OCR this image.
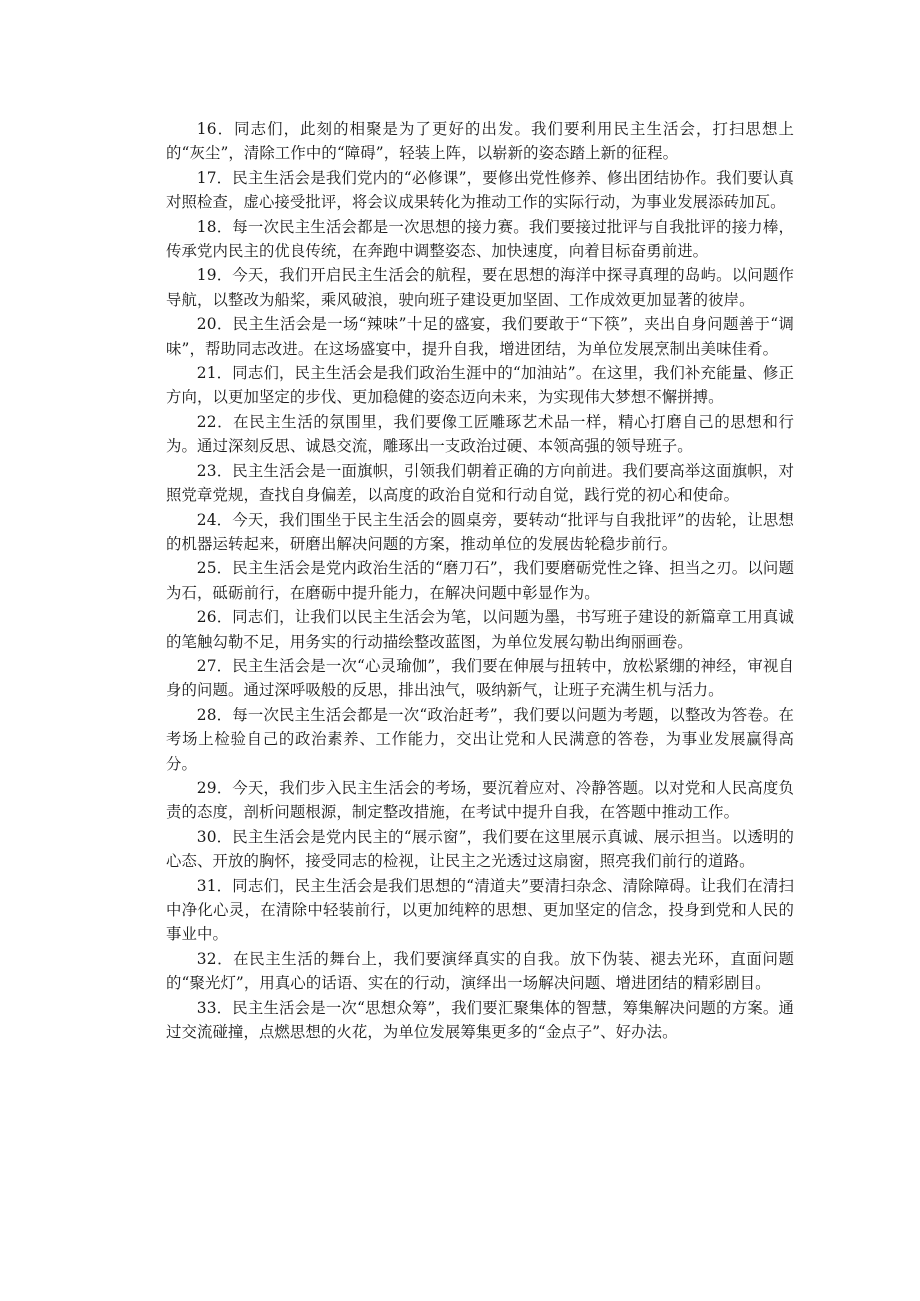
16．同志们，此刻的相聚是为了更好的出发。我们要利用民主生活会，打扫思想上的“灰尘”，清除工作中的“障碍”，轻装上阵，以崭新的姿态踏上新的征程。

17．民主生活会是我们党内的“必修课”，要修出党性修养、修出团结协作。我们要认真对照检查，虚心接受批评，将会议成果转化为推动工作的实际行动，为事业发展添砖加瓦。

18．每一次民主生活会都是一次思想的接力赛。我们要接过批评与自我批评的接力棒，传承党内民主的优良传统，在奔跑中调整姿态、加快速度，向着目标奋勇前进。

19．今天，我们开启民主生活会的航程，要在思想的海洋中探寻真理的岛屿。以问题作导航，以整改为船桨，乘风破浪，驶向班子建设更加坚固、工作成效更加显著的彼岸。

20．民主生活会是一场“辣味”十足的盛宴，我们要敢于“下筷”，夹出自身问题善于“调味”，帮助同志改进。在这场盛宴中，提升自我，增进团结，为单位发展烹制出美味佳肴。

21．同志们，民主生活会是我们政治生涯中的“加油站”。在这里，我们补充能量、修正方向，以更加坚定的步伐、更加稳健的姿态迈向未来，为实现伟大梦想不懈拼搏。

22．在民主生活的氛围里，我们要像工匠雕琢艺术品一样，精心打磨自己的思想和行为。通过深刻反思、诚恳交流，雕琢出一支政治过硬、本领高强的领导班子。

23．民主生活会是一面旗帜，引领我们朝着正确的方向前进。我们要高举这面旗帜，对照党章党规，查找自身偏差，以高度的政治自觉和行动自觉，践行党的初心和使命。

24．今天，我们围坐于民主生活会的圆桌旁，要转动“批评与自我批评”的齿轮，让思想的机器运转起来，研磨出解决问题的方案，推动单位的发展齿轮稳步前行。

25．民主生活会是党内政治生活的“磨刀石”，我们要磨砺党性之锋、担当之刃。以问题为石，砥砺前行，在磨砺中提升能力，在解决问题中彰显作为。

26．同志们，让我们以民主生活会为笔，以问题为墨，书写班子建设的新篇章工用真诚的笔触勾勒不足，用务实的行动描绘整改蓝图，为单位发展勾勒出绚丽画卷。

27．民主生活会是一次“心灵瑜伽”，我们要在伸展与扭转中，放松紧绷的神经，审视自身的问题。通过深呼吸般的反思，排出浊气，吸纳新气，让班子充满生机与活力。

28．每一次民主生活会都是一次“政治赶考”，我们要以问题为考题，以整改为答卷。在考场上检验自己的政治素养、工作能力，交出让党和人民满意的答卷，为事业发展赢得高分。

29．今天，我们步入民主生活会的考场，要沉着应对、冷静答题。以对党和人民高度负责的态度，剖析问题根源，制定整改措施，在考试中提升自我，在答题中推动工作。

30．民主生活会是党内民主的“展示窗”，我们要在这里展示真诚、展示担当。以透明的心态、开放的胸怀，接受同志的检视，让民主之光透过这扇窗，照亮我们前行的道路。

31．同志们，民主生活会是我们思想的“清道夫”要清扫杂念、清除障碍。让我们在清扫中净化心灵，在清除中轻装前行，以更加纯粹的思想、更加坚定的信念，投身到党和人民的事业中。

32．在民主生活的舞台上，我们要演绎真实的自我。放下伪装、褪去光环，直面问题的“聚光灯”，用真心的话语、实在的行动，演绎出一场解决问题、增进团结的精彩剧目。

33．民主生活会是一次“思想众筹”，我们要汇聚集体的智慧，筹集解决问题的方案。通过交流碰撞，点燃思想的火花，为单位发展筹集更多的“金点子”、好办法。
